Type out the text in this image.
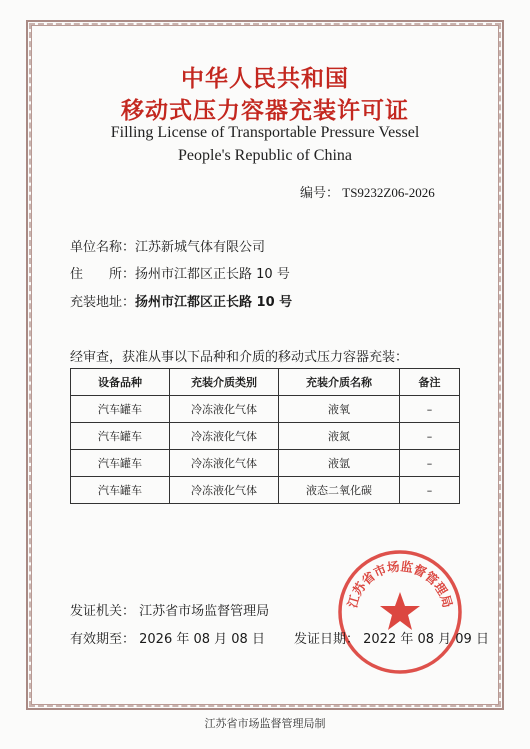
中华人民共和国
移动式压力容器充装许可证
Filling License of Transportable Pressure Vessel
People's Republic of China
编号： TS9232Z06-2026
单位名称：江苏新城气体有限公司
住　　所：扬州市江都区正长路 10 号
充装地址：扬州市江都区正长路 10 号
经审查，获准从事以下品种和介质的移动式压力容器充装：
设备品种	充装介质类别	充装介质名称	备注
汽车罐车	冷冻液化气体	液氧	–
汽车罐车	冷冻液化气体	液氮	–
汽车罐车	冷冻液化气体	液氩	–
汽车罐车	冷冻液化气体	液态二氧化碳	–
江苏省市场监督管理局
发证机关： 江苏省市场监督管理局
有效期至： 2026 年 08 月 08 日 发证日期： 2022 年 08 月 09 日
江苏省市场监督管理局制
